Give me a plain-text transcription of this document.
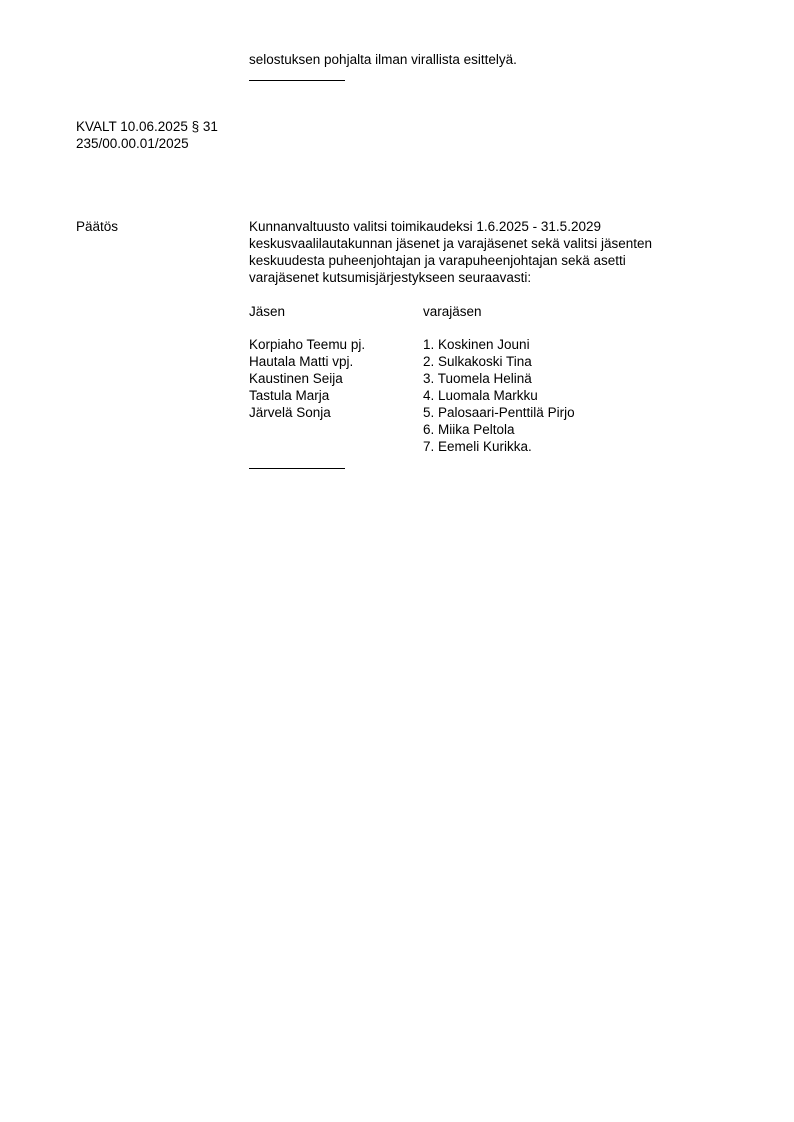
selostuksen pohjalta ilman virallista esittelyä.
KVALT 10.06.2025 § 31
235/00.00.01/2025
Päätös	Kunnanvaltuusto valitsi toimikaudeksi 1.6.2025 - 31.5.2029
keskusvaalilautakunnan jäsenet ja varajäsenet sekä valitsi jäsenten
keskuudesta puheenjohtajan ja varapuheenjohtajan sekä asetti
varajäsenet kutsumisjärjestykseen seuraavasti:
Jäsen	varajäsen
Korpiaho Teemu pj.
Hautala Matti vpj.
Kaustinen Seija
Tastula Marja
Järvelä Sonja
1. Koskinen Jouni
2. Sulkakoski Tina
3. Tuomela Helinä
4. Luomala Markku
5. Palosaari-Penttilä Pirjo
6. Miika Peltola
7. Eemeli Kurikka.
